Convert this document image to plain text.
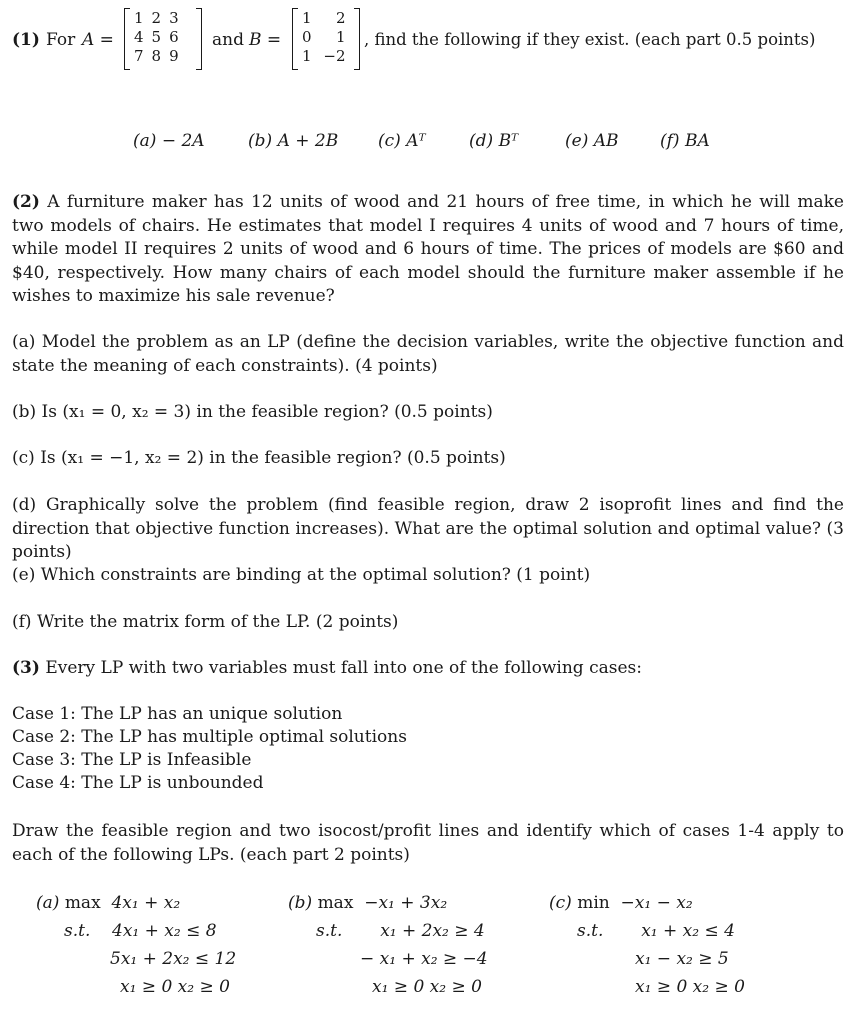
(1) For A =
1	2	3
4	5	6
7	8	9
and B =
1	2
0	1
1	−2
, find the following if they exist. (each part 0.5 points)
(a) − 2A	(b) A + 2B (c) Aᵀ	(d) Bᵀ	(e) AB (f) BA
(2) A furniture maker has 12 units of wood and 21 hours of free time, in which he will make two models of chairs. He estimates that model I requires 4 units of wood and 7 hours of time, while model II requires 2 units of wood and 6 hours of time. The prices of models are $60 and $40, respectively. How many chairs of each model should the furniture maker assemble if he wishes to maximize his sale revenue?
(a) Model the problem as an LP (define the decision variables, write the objective function and state the meaning of each constraints). (4 points)
(b) Is (x₁ = 0, x₂ = 3) in the feasible region? (0.5 points)
(c) Is (x₁ = −1, x₂ = 2) in the feasible region? (0.5 points)
(d) Graphically solve the problem (find feasible region, draw 2 isoprofit lines and find the direction that objective function increases). What are the optimal solution and optimal value? (3 points)
(e) Which constraints are binding at the optimal solution? (1 point)
(f) Write the matrix form of the LP. (2 points)
(3) Every LP with two variables must fall into one of the following cases:
Case 1: The LP has an unique solution
Case 2: The LP has multiple optimal solutions
Case 3: The LP is Infeasible
Case 4: The LP is unbounded
Draw the feasible region and two isocost/profit lines and identify which of cases 1-4 apply to each of the following LPs. (each part 2 points)
(a) max 4x₁ + x₂
s.t. 4x₁ + x₂ ≤ 8
5x₁ + 2x₂ ≤ 12
x₁ ≥ 0 x₂ ≥ 0
(b) max −x₁ + 3x₂
s.t. x₁ + 2x₂ ≥ 4
− x₁ + x₂ ≥ −4
x₁ ≥ 0 x₂ ≥ 0
(c) min −x₁ − x₂
s.t. x₁ + x₂ ≤ 4
x₁ − x₂ ≥ 5
x₁ ≥ 0 x₂ ≥ 0
